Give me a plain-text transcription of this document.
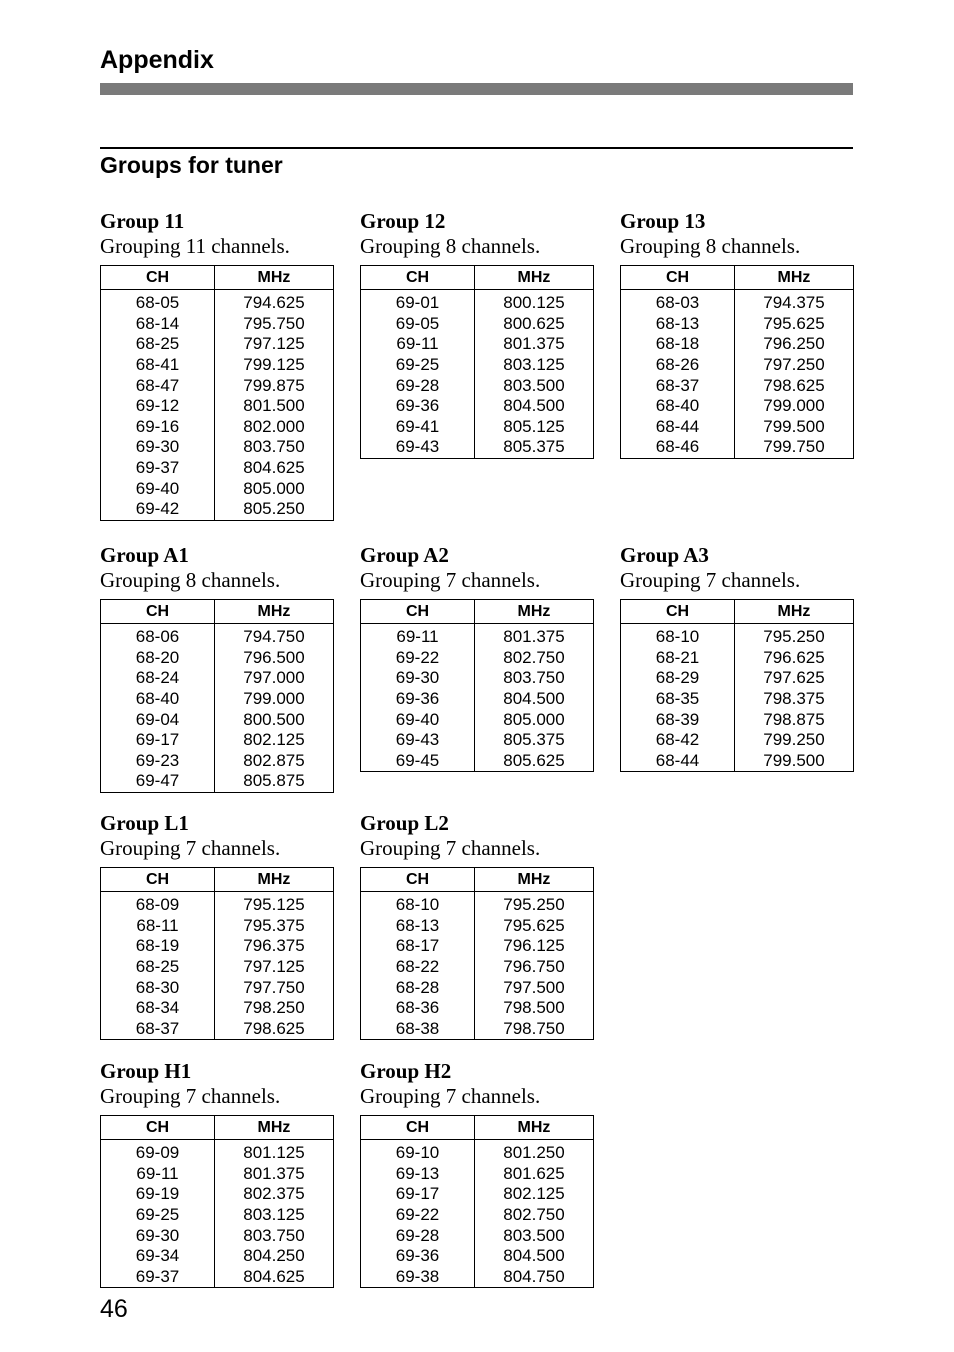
Appendix
Groups for tuner
Group 11
Grouping 11 channels.
CH	MHz
68-05	794.625
68-14	795.750
68-25	797.125
68-41	799.125
68-47	799.875
69-12	801.500
69-16	802.000
69-30	803.750
69-37	804.625
69-40	805.000
69-42	805.250
Group 12
Grouping 8 channels.
CH	MHz
69-01	800.125
69-05	800.625
69-11	801.375
69-25	803.125
69-28	803.500
69-36	804.500
69-41	805.125
69-43	805.375
Group 13
Grouping 8 channels.
CH	MHz
68-03	794.375
68-13	795.625
68-18	796.250
68-26	797.250
68-37	798.625
68-40	799.000
68-44	799.500
68-46	799.750
Group A1
Grouping 8 channels.
CH	MHz
68-06	794.750
68-20	796.500
68-24	797.000
68-40	799.000
69-04	800.500
69-17	802.125
69-23	802.875
69-47	805.875
Group A2
Grouping 7 channels.
CH	MHz
69-11	801.375
69-22	802.750
69-30	803.750
69-36	804.500
69-40	805.000
69-43	805.375
69-45	805.625
Group A3
Grouping 7 channels.
CH	MHz
68-10	795.250
68-21	796.625
68-29	797.625
68-35	798.375
68-39	798.875
68-42	799.250
68-44	799.500
Group L1
Grouping 7 channels.
CH	MHz
68-09	795.125
68-11	795.375
68-19	796.375
68-25	797.125
68-30	797.750
68-34	798.250
68-37	798.625
Group L2
Grouping 7 channels.
CH	MHz
68-10	795.250
68-13	795.625
68-17	796.125
68-22	796.750
68-28	797.500
68-36	798.500
68-38	798.750
Group H1
Grouping 7 channels.
CH	MHz
69-09	801.125
69-11	801.375
69-19	802.375
69-25	803.125
69-30	803.750
69-34	804.250
69-37	804.625
Group H2
Grouping 7 channels.
CH	MHz
69-10	801.250
69-13	801.625
69-17	802.125
69-22	802.750
69-28	803.500
69-36	804.500
69-38	804.750
46
